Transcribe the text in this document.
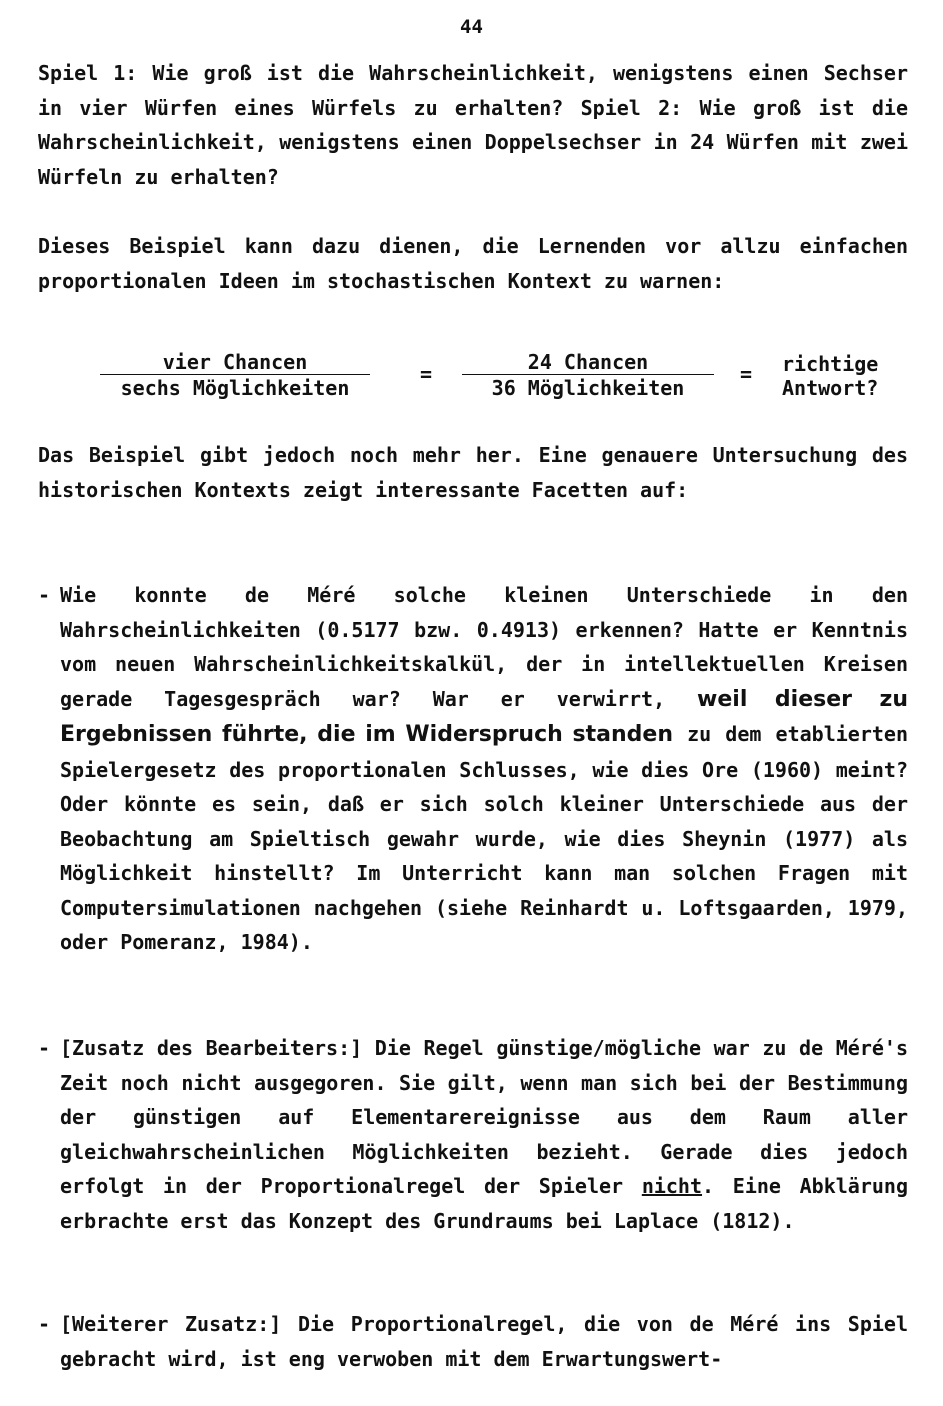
44
Spiel 1: Wie groß ist die Wahrscheinlichkeit, wenigstens einen Sechser in vier Würfen eines Würfels zu erhalten? Spiel 2: Wie groß ist die Wahrscheinlichkeit, wenigstens einen Doppelsechser in 24 Würfen mit zwei Würfeln zu erhalten?
Dieses Beispiel kann dazu dienen, die Lernenden vor allzu einfachen proportionalen Ideen im stochastischen Kontext zu warnen:
vier Chancen
sechs Möglichkeiten
=	24 Chancen
36 Möglichkeiten
= richtige
Antwort?
Das Beispiel gibt jedoch noch mehr her. Eine genauere Untersuchung des historischen Kontexts zeigt interessante Facetten auf:
- Wie konnte de Méré solche kleinen Unterschiede in den Wahrscheinlichkeiten (0.5177 bzw. 0.4913) erkennen? Hatte er Kenntnis vom neuen Wahrscheinlichkeitskalkül, der in intellektuellen Kreisen gerade Tagesgespräch war? War er verwirrt, weil dieser zu Ergebnissen führte, die im Widerspruch standen zu dem etablierten Spielergesetz des proportionalen Schlusses, wie dies Ore (1960) meint? Oder könnte es sein, daß er sich solch kleiner Unterschiede aus der Beobachtung am Spieltisch gewahr wurde, wie dies Sheynin (1977) als Möglichkeit hinstellt? Im Unterricht kann man solchen Fragen mit Computersimulationen nachgehen (siehe Reinhardt u. Loftsgaarden, 1979, oder Pomeranz, 1984).
- [Zusatz des Bearbeiters:] Die Regel günstige/mögliche war zu de Méré's Zeit noch nicht ausgegoren. Sie gilt, wenn man sich bei der Bestimmung der günstigen auf Elementarereignisse aus dem Raum aller gleichwahrscheinlichen Möglichkeiten bezieht. Gerade dies jedoch erfolgt in der Proportionalregel der Spieler nicht. Eine Abklärung erbrachte erst das Konzept des Grundraums bei Laplace (1812).
- [Weiterer Zusatz:] Die Proportionalregel, die von de Méré ins Spiel gebracht wird, ist eng verwoben mit dem Erwartungswert-
